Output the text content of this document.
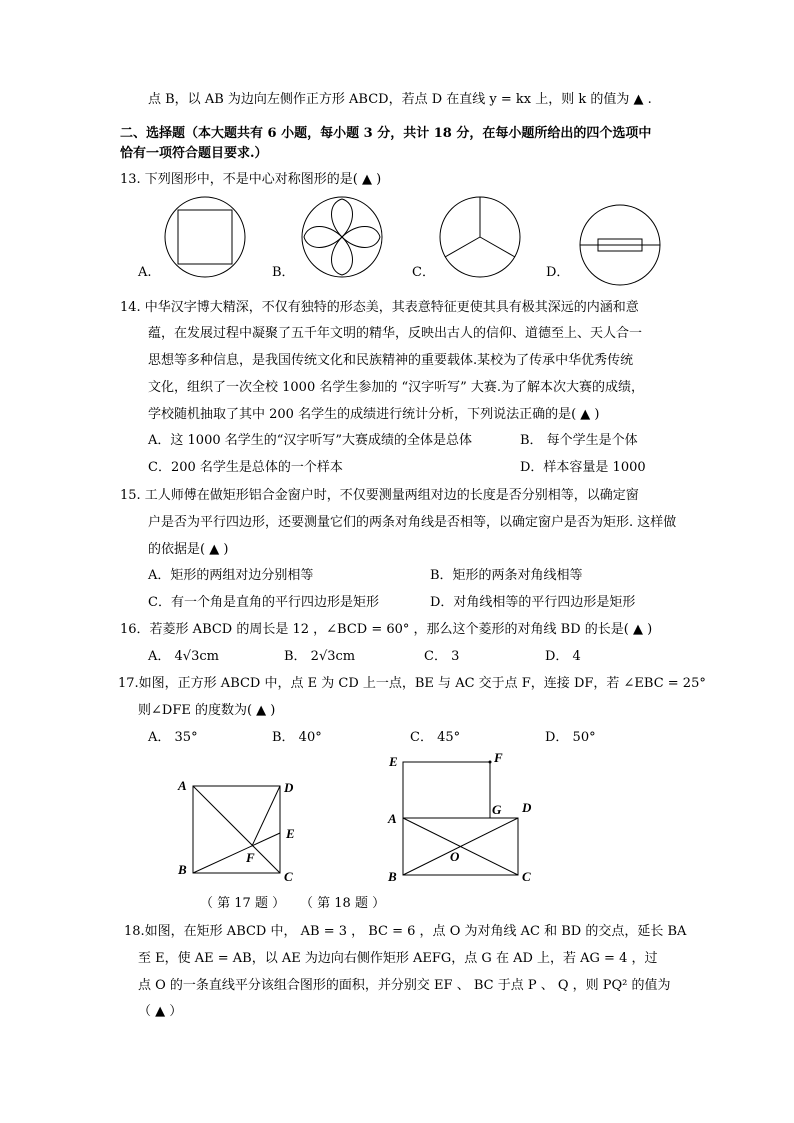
点 B，以 AB 为边向左侧作正方形 ABCD，若点 D 在直线 y = kx 上，则 k 的值为 ▲ .
二、选择题（本大题共有 6 小题，每小题 3 分，共计 18 分，在每小题所给出的四个选项中
恰有一项符合题目要求.）
13. 下列图形中，不是中心对称图形的是( ▲ )
A.	B．	C．	D．
14. 中华汉字博大精深，不仅有独特的形态美，其表意特征更使其具有极其深远的内涵和意
蕴，在发展过程中凝聚了五千年文明的精华，反映出古人的信仰、道德至上、天人合一
思想等多种信息，是我国传统文化和民族精神的重要载体.某校为了传承中华优秀传统
文化，组织了一次全校 1000 名学生参加的 “汉字听写” 大赛.为了解本次大赛的成绩，
学校随机抽取了其中 200 名学生的成绩进行统计分析，下列说法正确的是( ▲ )
A．这 1000 名学生的“汉字听写”大赛成绩的全体是总体	B． 每个学生是个体
C．200 名学生是总体的一个样本	D．样本容量是 1000
15. 工人师傅在做矩形铝合金窗户时，不仅要测量两组对边的长度是否分别相等，以确定窗
户是否为平行四边形，还要测量它们的两条对角线是否相等，以确定窗户是否为矩形. 这样做
的依据是( ▲ )
A．矩形的两组对边分别相等	B．矩形的两条对角线相等
C．有一个角是直角的平行四边形是矩形	D．对角线相等的平行四边形是矩形
16．若菱形 ABCD 的周长是 12 ，∠BCD = 60° ，那么这个菱形的对角线 BD 的长是( ▲ )
A． 4√3cm	B． 2√3cm	C． 3	D． 4
17.如图，正方形 ABCD 中，点 E 为 CD 上一点，BE 与 AC 交于点 F，连接 DF，若 ∠EBC = 25°
则∠DFE 的度数为( ▲ )
A． 35°	B． 40°	C． 45°	D． 50°
A
B	C
D
E
F
E	F
G D
A
O
B	C
（ 第 17 题 ） （ 第 18 题 ）
18.如图，在矩形 ABCD 中， AB = 3 ， BC = 6 ，点 O 为对角线 AC 和 BD 的交点，延长 BA
至 E，使 AE = AB，以 AE 为边向右侧作矩形 AEFG，点 G 在 AD 上，若 AG = 4 ，过
点 O 的一条直线平分该组合图形的面积，并分别交 EF 、 BC 于点 P 、 Q ，则 PQ² 的值为
（ ▲ ）
